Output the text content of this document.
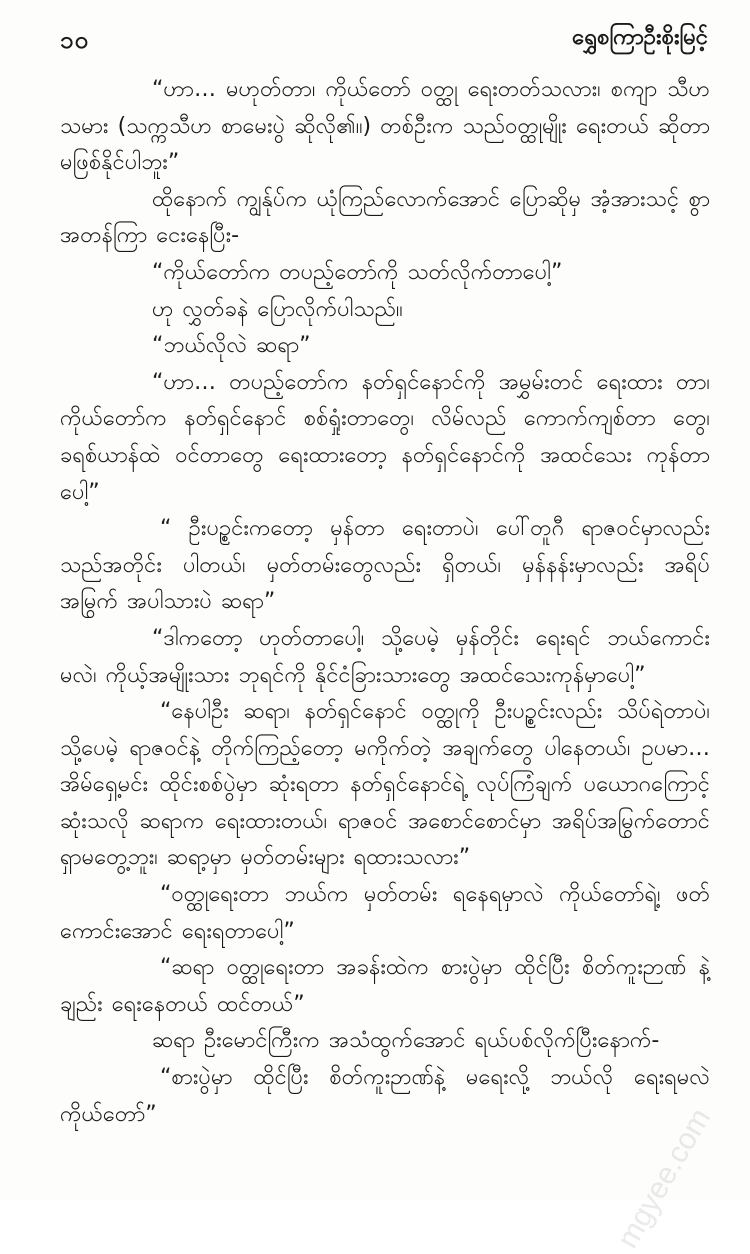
၁၀	ရွှေစကြာဦးစိုးမြင့်

“ဟာ… မဟုတ်တာ၊ ကိုယ်တော် ဝတ္ထု ရေးတတ်သလား၊ စကျာ သီဟသမား (သက္ကသီဟ စာမေးပွဲ ဆိုလို၏။) တစ်ဦးက သည်ဝတ္ထုမျိုး ရေးတယ် ဆိုတာ မဖြစ်နိုင်ပါဘူး”

ထိုနောက် ကျွန်ုပ်က ယုံကြည်လောက်အောင် ပြောဆိုမှ အံ့အားသင့် စွာ အတန်ကြာ ငေးနေပြီး-

“ကိုယ်တော်က တပည့်တော်ကို သတ်လိုက်တာပေါ့”

ဟု လွှတ်ခနဲ ပြောလိုက်ပါသည်။

“ဘယ်လိုလဲ ဆရာ”

“ဟာ… တပည့်တော်က နတ်ရှင်နောင်ကို အမွှမ်းတင် ရေးထား တာ၊ ကိုယ်တော်က နတ်ရှင်နောင် စစ်ရှုံးတာတွေ၊ လိမ်လည် ကောက်ကျစ်တာ တွေ၊ ခရစ်ယာန်ထဲ ဝင်တာတွေ ရေးထားတော့ နတ်ရှင်နောင်ကို အထင်သေး ကုန်တာပေါ့”

“ ဦးပဥ္စင်းကတော့ မှန်တာ ရေးတာပဲ၊ ပေါ်တူဂီ ရာဇဝင်မှာလည်း သည်အတိုင်း ပါတယ်၊ မှတ်တမ်းတွေလည်း ရှိတယ်၊ မှန်နန်းမှာလည်း အရိပ် အမြွက် အပါသားပဲ ဆရာ”

“ဒါကတော့ ဟုတ်တာပေါ့၊ သို့ပေမဲ့ မှန်တိုင်း ရေးရင် ဘယ်ကောင်း မလဲ၊ ကိုယ့်အမျိုးသား ဘုရင်ကို နိုင်ငံခြားသားတွေ အထင်သေးကုန်မှာပေါ့”

“နေပါဦး ဆရာ၊ နတ်ရှင်နောင် ဝတ္ထုကို ဦးပဥ္စင်းလည်း သိပ်ရဲတာပဲ၊ သို့ပေမဲ့ ရာဇဝင်နဲ့ တိုက်ကြည့်တော့ မကိုက်တဲ့ အချက်တွေ ပါနေတယ်၊ ဥပမာ… အိမ်ရှေ့မင်း ထိုင်းစစ်ပွဲမှာ ဆုံးရတာ နတ်ရှင်နောင်ရဲ့ လုပ်ကြံချက် ပယောဂကြောင့် ဆုံးသလို ဆရာက ရေးထားတယ်၊ ရာဇဝင် အစောင်စောင်မှာ အရိပ်အမြွက်တောင် ရှာမတွေ့ဘူး၊ ဆရာ့မှာ မှတ်တမ်းများ ရထားသလား”

“ဝတ္ထုရေးတာ ဘယ်က မှတ်တမ်း ရနေရမှာလဲ ကိုယ်တော်ရဲ့၊ ဖတ် ကောင်းအောင် ရေးရတာပေါ့”

“ဆရာ ဝတ္ထုရေးတာ အခန်းထဲက စားပွဲမှာ ထိုင်ပြီး စိတ်ကူးဉာဏ် နဲ့ချည်း ရေးနေတယ် ထင်တယ်”

ဆရာ ဦးမောင်ကြီးက အသံထွက်အောင် ရယ်ပစ်လိုက်ပြီးနောက်-

“စားပွဲမှာ ထိုင်ပြီး စိတ်ကူးဉာဏ်နဲ့ မရေးလို့ ဘယ်လို ရေးရမလဲ ကိုယ်တော်”	mgyee.com
